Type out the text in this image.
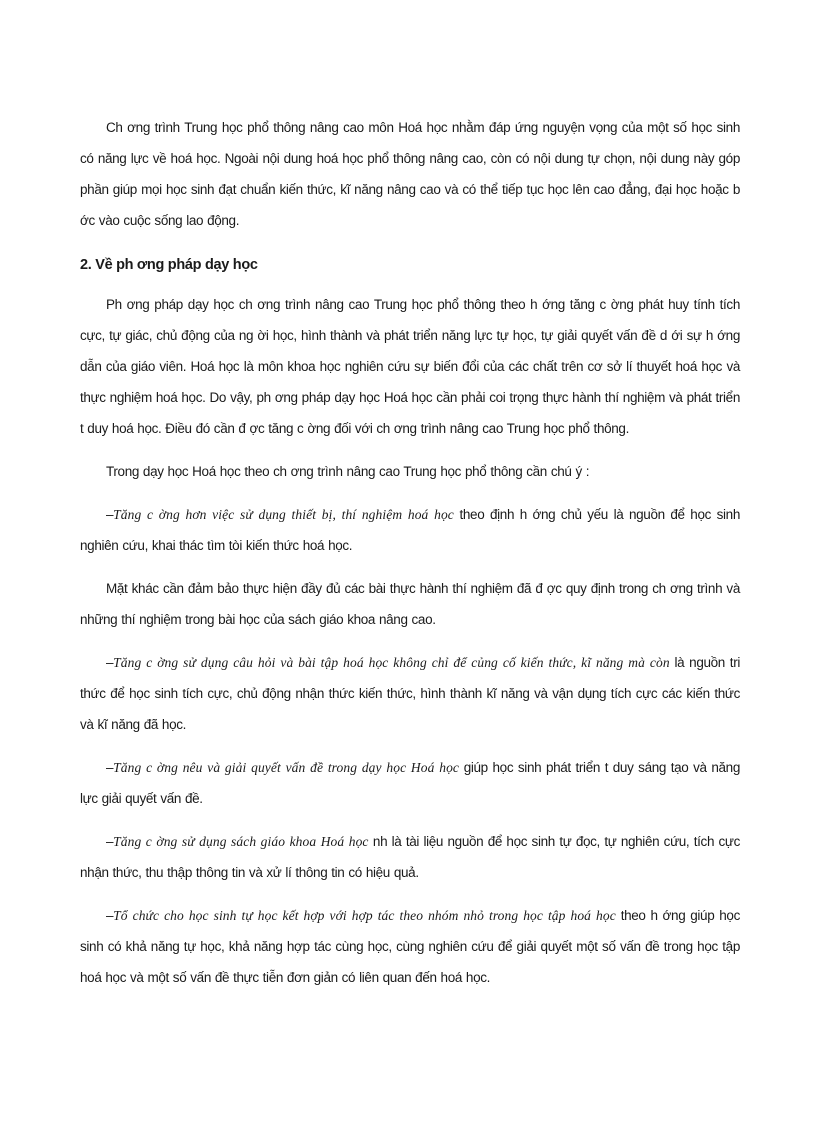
Ch ơng trình Trung học phổ thông nâng cao môn Hoá học nhằm đáp ứng nguyện vọng của một số học sinh có năng lực về hoá học. Ngoài nội dung hoá học phổ thông nâng cao, còn có nội dung tự chọn, nội dung này góp phần giúp mọi học sinh đạt chuẩn kiến thức, kĩ năng nâng cao và có thể tiếp tục học lên cao đẳng, đại học hoặc b ớc vào cuộc sống lao động.

2. Về ph ơng pháp dạy học

Ph ơng pháp dạy học ch ơng trình nâng cao Trung học phổ thông theo h ớng tăng c ờng phát huy tính tích cực, tự giác, chủ động của ng ời học, hình thành và phát triển năng lực tự học, tự giải quyết vấn đề d ới sự h ớng dẫn của giáo viên. Hoá học là môn khoa học nghiên cứu sự biến đổi của các chất trên cơ sở lí thuyết hoá học và thực nghiệm hoá học. Do vậy, ph ơng pháp dạy học Hoá học cần phải coi trọng thực hành thí nghiệm và phát triển t duy hoá học. Điều đó cần đ ợc tăng c ờng đối với ch ơng trình nâng cao Trung học phổ thông.

Trong dạy học Hoá học theo ch ơng trình nâng cao Trung học phổ thông cần chú ý :

–Tăng c ờng hơn việc sử dụng thiết bị, thí nghiệm hoá học theo định h ớng chủ yếu là nguồn để học sinh nghiên cứu, khai thác tìm tòi kiến thức hoá học.

Mặt khác cần đảm bảo thực hiện đầy đủ các bài thực hành thí nghiệm đã đ ợc quy định trong ch ơng trình và những thí nghiệm trong bài học của sách giáo khoa nâng cao.

–Tăng c ờng sử dụng câu hỏi và bài tập hoá học không chỉ để củng cố kiến thức, kĩ năng mà còn là nguồn tri thức để học sinh tích cực, chủ động nhận thức kiến thức, hình thành kĩ năng và vận dụng tích cực các kiến thức và kĩ năng đã học.

–Tăng c ờng nêu và giải quyết vấn đề trong dạy học Hoá học giúp học sinh phát triển t duy sáng tạo và năng lực giải quyết vấn đề.

–Tăng c ờng sử dụng sách giáo khoa Hoá học nh là tài liệu nguồn để học sinh tự đọc, tự nghiên cứu, tích cực nhận thức, thu thập thông tin và xử lí thông tin có hiệu quả.

–Tổ chức cho học sinh tự học kết hợp với hợp tác theo nhóm nhỏ trong học tập hoá học theo h ớng giúp học sinh có khả năng tự học, khả năng hợp tác cùng học, cùng nghiên cứu để giải quyết một số vấn đề trong học tập hoá học và một số vấn đề thực tiễn đơn giản có liên quan đến hoá học.
